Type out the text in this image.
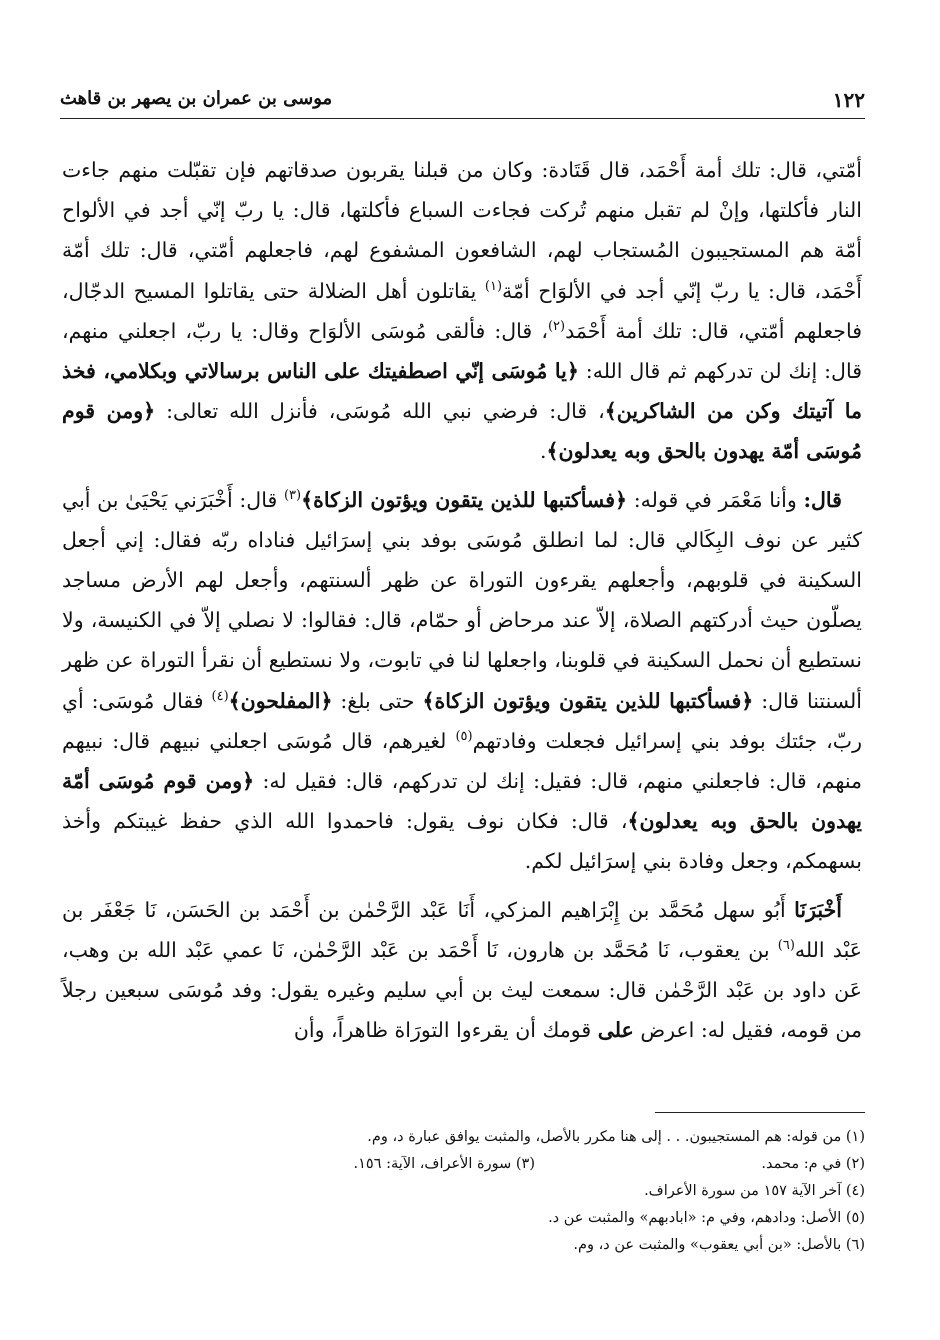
١٢٢
موسى بن عمران بن يصهر بن قاهث

أمّتي، قال: تلك أمة أَحْمَد، قال قَتَادة: وكان من قبلنا يقربون صدقاتهم فإن تقبّلت منهم جاءت النار فأكلتها، وإنْ لم تقبل منهم تُركت فجاءت السباع فأكلتها، قال: يا ربّ إنّي أجد في الألواح أمّة هم المستجيبون المُستجاب لهم، الشافعون المشفوع لهم، فاجعلهم أمّتي، قال: تلك أمّة أَحْمَد، قال: يا ربّ إنّي أجد في الألوَاح أمّة$^{(١)}$ يقاتلون أهل الضلالة حتى يقاتلوا المسيح الدجّال، فاجعلهم أمّتي، قال: تلك أمة أَحْمَد$^{(٢)}$، قال: فألقى مُوسَى الألوَاح وقال: يا ربّ، اجعلني منهم، قال: إنك لن تدركهم ثم قال الله: ﴿يا مُوسَى إنّي اصطفيتك على الناس برسالاتي وبكلامي، فخذ ما آتيتك وكن من الشاكرين﴾، قال: فرضي نبي الله مُوسَى، فأنزل الله تعالى: ﴿ومن قوم مُوسَى أمّة يهدون بالحق وبه يعدلون﴾.

قال: وأنا مَعْمَر في قوله: ﴿فسأكتبها للذين يتقون ويؤتون الزكاة﴾$^{(٣)}$ قال: أَخْبَرَني يَحْيَىٰ بن أبي كثير عن نوف البِكَالي قال: لما انطلق مُوسَى بوفد بني إسرَائيل فناداه ربّه فقال: إني أجعل السكينة في قلوبهم، وأجعلهم يقرءون التوراة عن ظهر ألسنتهم، وأجعل لهم الأرض مساجد يصلّون حيث أدركتهم الصلاة، إلاّ عند مرحاض أو حمّام، قال: فقالوا: لا نصلي إلاّ في الكنيسة، ولا نستطيع أن نحمل السكينة في قلوبنا، واجعلها لنا في تابوت، ولا نستطيع أن نقرأ التوراة عن ظهر ألسنتنا قال: ﴿فسأكتبها للذين يتقون ويؤتون الزكاة﴾ حتى بلغ: ﴿المفلحون﴾$^{(٤)}$ فقال مُوسَى: أي ربّ، جئتك بوفد بني إسرائيل فجعلت وفادتهم$^{(٥)}$ لغيرهم، قال مُوسَى اجعلني نبيهم قال: نبيهم منهم، قال: فاجعلني منهم، قال: فقيل: إنك لن تدركهم، قال: فقيل له: ﴿ومن قوم مُوسَى أمّة يهدون بالحق وبه يعدلون﴾، قال: فكان نوف يقول: فاحمدوا الله الذي حفظ غيبتكم وأخذ بسهمكم، وجعل وفادة بني إسرَائيل لكم.

أَخْبَرَنَا أَبُو سهل مُحَمَّد بن إِبْرَاهيم المزكي، أَنَا عَبْد الرَّحْمٰن بن أَحْمَد بن الحَسَن، نَا جَعْفَر بن عَبْد الله$^{(٦)}$ بن يعقوب، نَا مُحَمَّد بن هارون، نَا أَحْمَد بن عَبْد الرَّحْمٰن، نَا عمي عَبْد الله بن وهب، عَن داود بن عَبْد الرَّحْمٰن قال: سمعت ليث بن أبي سليم وغيره يقول: وفد مُوسَى سبعين رجلاً من قومه، فقيل له: اعرض على قومك أن يقرءوا التورَاة ظاهراً، وأن

(١) من قوله: هم المستجيبون. . . إلى هنا مكرر بالأصل، والمثبت يوافق عبارة د، وم.
(٢) في م: محمد.
(٣) سورة الأعراف، الآية: ١٥٦.
(٤) آخر الآية ١٥٧ من سورة الأعراف.
(٥) الأصل: ودادهم، وفي م: «ابادبهم» والمثبت عن د.
(٦) بالأصل: «بن أبي يعقوب» والمثبت عن د، وم.
